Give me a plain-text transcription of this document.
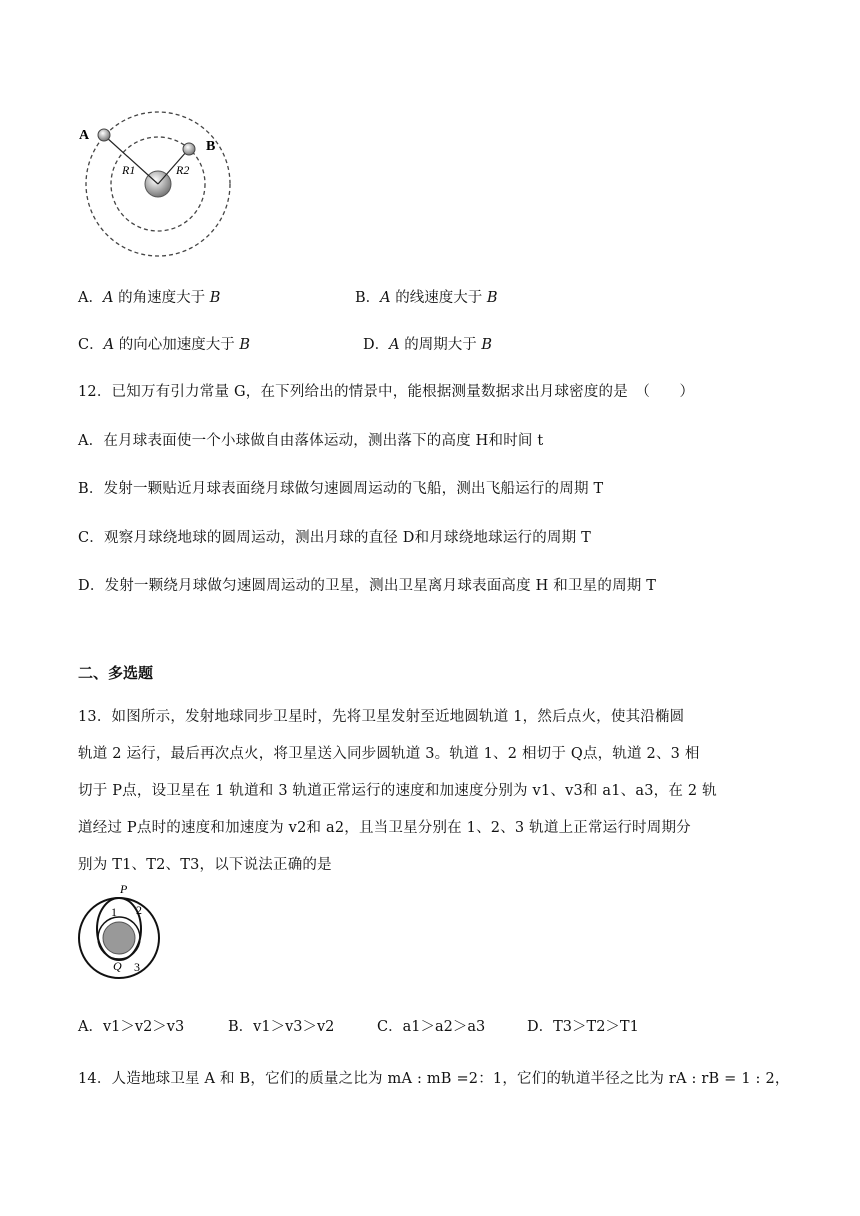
A
B
R1	R2
A．A 的角速度大于 B	B．A 的线速度大于 B
C．A 的向心加速度大于 B	D．A 的周期大于 B
12．已知万有引力常量 G，在下列给出的情景中，能根据测量数据求出月球密度的是　（　　）
A．在月球表面使一个小球做自由落体运动，测出落下的高度 H和时间 t
B．发射一颗贴近月球表面绕月球做匀速圆周运动的飞船，测出飞船运行的周期 T
C．观察月球绕地球的圆周运动，测出月球的直径 D和月球绕地球运行的周期 T
D．发射一颗绕月球做匀速圆周运动的卫星，测出卫星离月球表面高度 H 和卫星的周期 T
二、多选题
13．如图所示，发射地球同步卫星时，先将卫星发射至近地圆轨道 1，然后点火，使其沿椭圆
轨道 2 运行，最后再次点火，将卫星送入同步圆轨道 3。轨道 1、2 相切于 Q点，轨道 2、3 相
切于 P点，设卫星在 1 轨道和 3 轨道正常运行的速度和加速度分别为 v1、v3和 a1、a3，在 2 轨
道经过 P点时的速度和加速度为 v2和 a2，且当卫星分别在 1、2、3 轨道上正常运行时周期分
别为 T1、T2、T3，以下说法正确的是
P
Q
1 2
3
A．v1＞v2＞v3	B．v1＞v3＞v2	C．a1＞a2＞a3	D．T3＞T2＞T1
14．人造地球卫星 A 和 B，它们的质量之比为 mA : mB =2：1，它们的轨道半径之比为 rA : rB = 1 : 2，
